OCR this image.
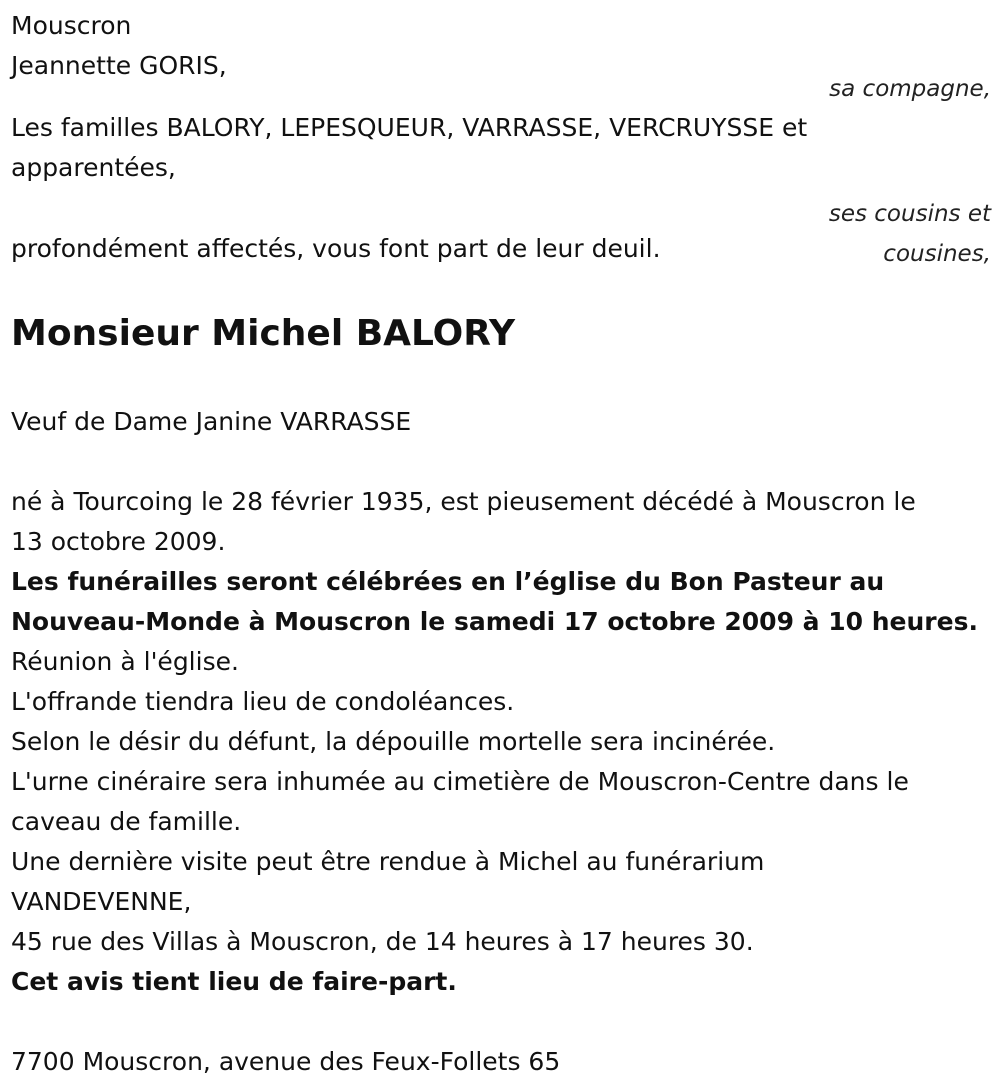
Mouscron
Jeannette GORIS,
sa compagne,
Les familles BALORY, LEPESQUEUR, VARRASSE, VERCRUYSSE et
apparentées,
ses cousins et
cousines,
profondément affectés, vous font part de leur deuil.
Monsieur Michel BALORY
Veuf de Dame Janine VARRASSE
né à Tourcoing le 28 février 1935, est pieusement décédé à Mouscron le
13 octobre 2009.
Les funérailles seront célébrées en l’église du Bon Pasteur au
Nouveau-Monde à Mouscron le samedi 17 octobre 2009 à 10 heures.
Réunion à l'église.
L'offrande tiendra lieu de condoléances.
Selon le désir du défunt, la dépouille mortelle sera incinérée.
L'urne cinéraire sera inhumée au cimetière de Mouscron-Centre dans le
caveau de famille.
Une dernière visite peut être rendue à Michel au funérarium
VANDEVENNE,
45 rue des Villas à Mouscron, de 14 heures à 17 heures 30.
Cet avis tient lieu de faire-part.
7700 Mouscron, avenue des Feux-Follets 65
